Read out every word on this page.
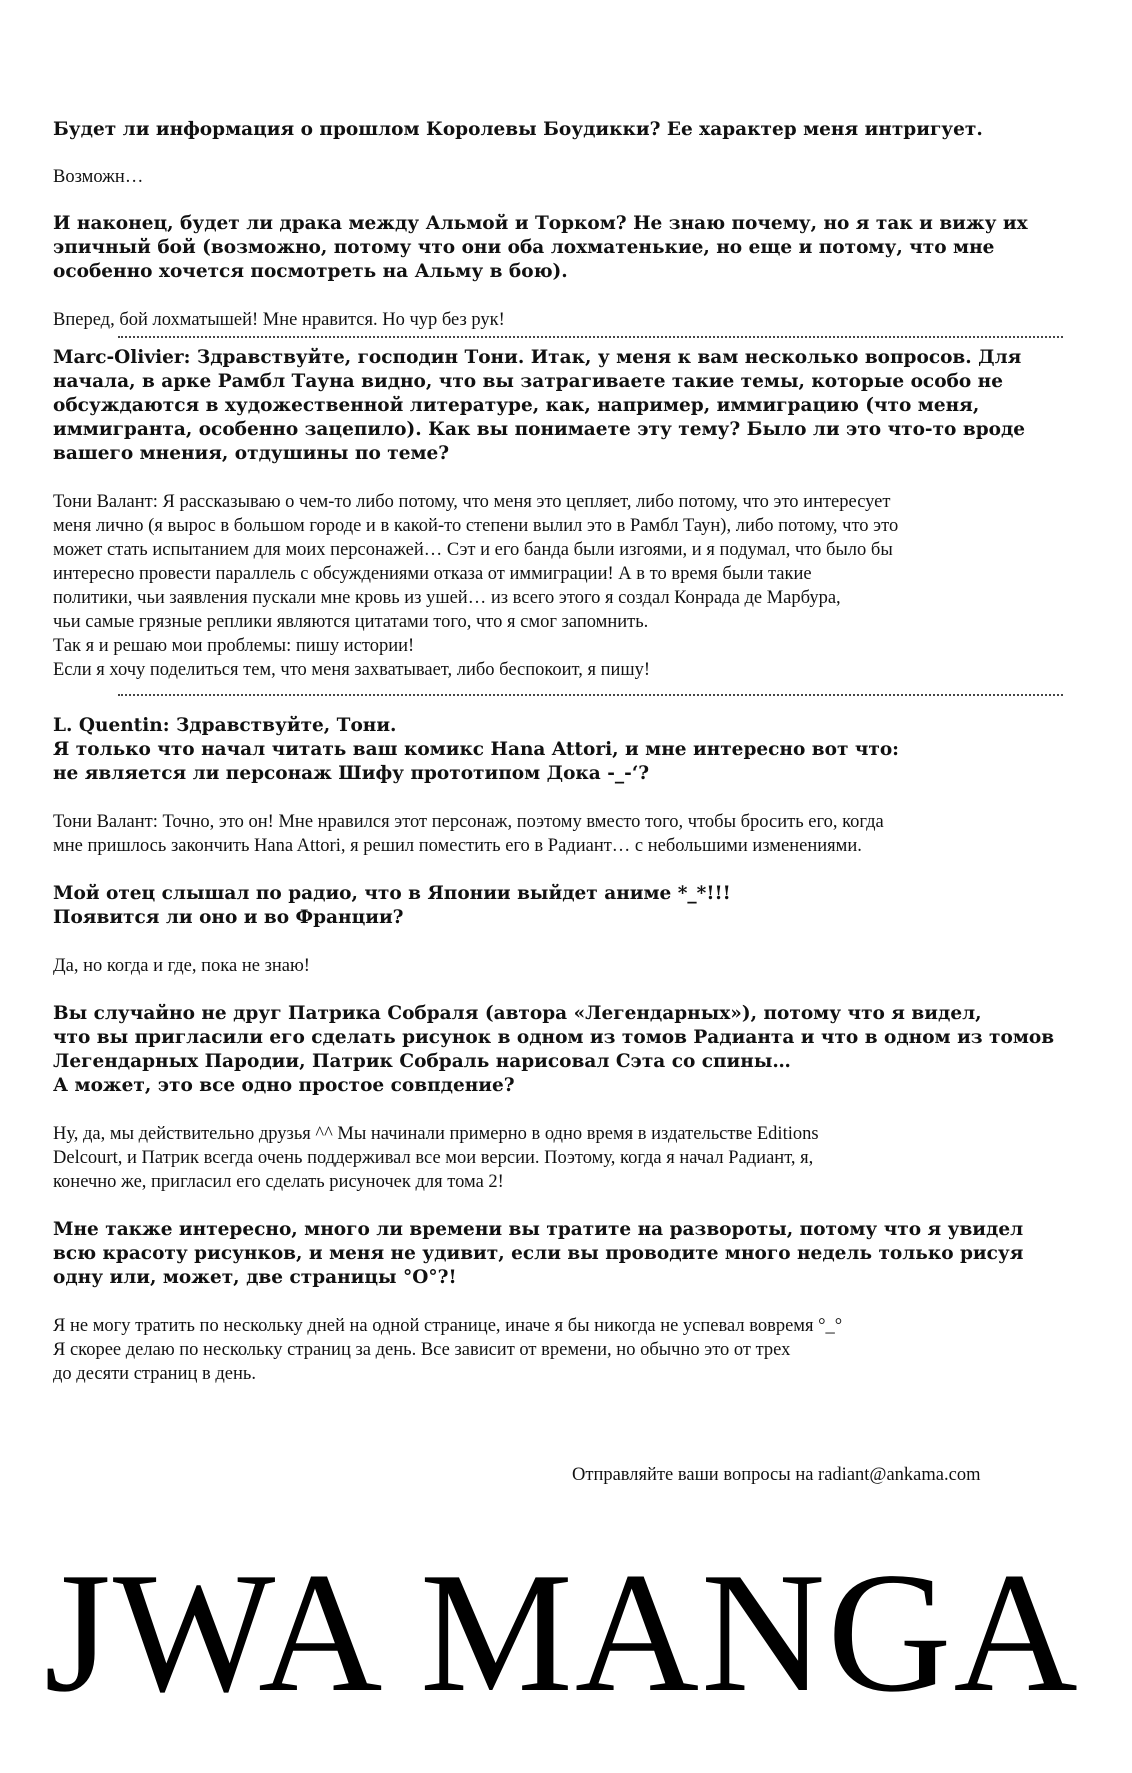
Будет ли информация о прошлом Королевы Боудикки? Ее характер меня интригует.
Возможн…
И наконец, будет ли драка между Альмой и Торком? Не знаю почему, но я так и вижу их
эпичный бой (возможно, потому что они оба лохматенькие, но еще и потому, что мне
особенно хочется посмотреть на Альму в бою).
Вперед, бой лохматышей! Мне нравится. Но чур без рук!
Marc-Olivier: Здравствуйте, господин Тони. Итак, у меня к вам несколько вопросов. Для
начала, в арке Рамбл Тауна видно, что вы затрагиваете такие темы, которые особо не
обсуждаются в художественной литературе, как, например, иммиграцию (что меня,
иммигранта, особенно зацепило). Как вы понимаете эту тему? Было ли это что-то вроде
вашего мнения, отдушины по теме?
Тони Валант: Я рассказываю о чем-то либо потому, что меня это цепляет, либо потому, что это интересует
меня лично (я вырос в большом городе и в какой-то степени вылил это в Рамбл Таун), либо потому, что это
может стать испытанием для моих персонажей… Сэт и его банда были изгоями, и я подумал, что было бы
интересно провести параллель с обсуждениями отказа от иммиграции! А в то время были такие
политики, чьи заявления пускали мне кровь из ушей… из всего этого я создал Конрада де Марбура,
чьи самые грязные реплики являются цитатами того, что я смог запомнить.
Так я и решаю мои проблемы: пишу истории!
Если я хочу поделиться тем, что меня захватывает, либо беспокоит, я пишу!
L. Quentin: Здравствуйте, Тони.
Я только что начал читать ваш комикс Hana Attori, и мне интересно вот что:
не является ли персонаж Шифу прототипом Дока -_-‘?
Тони Валант: Точно, это он! Мне нравился этот персонаж, поэтому вместо того, чтобы бросить его, когда
мне пришлось закончить Hana Attori, я решил поместить его в Радиант… с небольшими изменениями.
Мой отец слышал по радио, что в Японии выйдет аниме *_*!!!
Появится ли оно и во Франции?
Да, но когда и где, пока не знаю!
Вы случайно не друг Патрика Собраля (автора «Легендарных»), потому что я видел,
что вы пригласили его сделать рисунок в одном из томов Радианта и что в одном из томов
Легендарных Пародии, Патрик Собраль нарисовал Сэта со спины…
А может, это все одно простое совпдение?
Ну, да, мы действительно друзья ^^ Мы начинали примерно в одно время в издательстве Editions
Delcourt, и Патрик всегда очень поддерживал все мои версии. Поэтому, когда я начал Радиант, я,
конечно же, пригласил его сделать рисуночек для тома 2!
Мне также интересно, много ли времени вы тратите на развороты, потому что я увидел
всю красоту рисунков, и меня не удивит, если вы проводите много недель только рисуя
одну или, может, две страницы °O°?!
Я не могу тратить по нескольку дней на одной странице, иначе я бы никогда не успевал вовремя °_°
Я скорее делаю по нескольку страниц за день. Все зависит от времени, но обычно это от трех
до десяти страниц в день.
Отправляйте ваши вопросы на radiant@ankama.com
JWA MANGA
